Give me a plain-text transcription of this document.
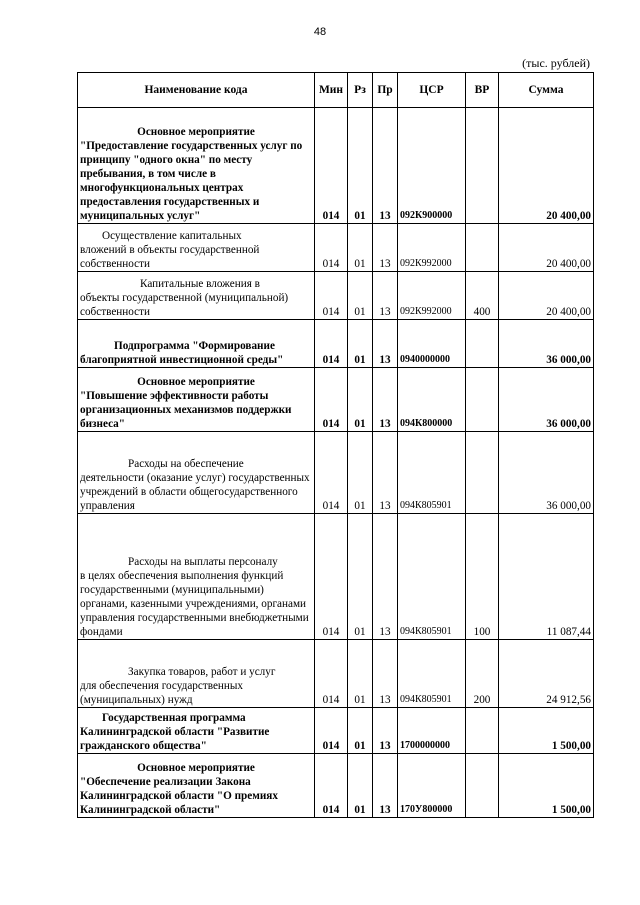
48
(тыс. рублей)
Наименование кода	Мин	Рз	Пр	ЦСР	ВР	Сумма

Основное мероприятие
"Предоставление государственных услуг по принципу "одного окна" по месту пребывания, в том числе в многофункциональных центрах предоставления государственных и муниципальных услуг"	014	01	13	092К900000		20 400,00

Осуществление капитальных
вложений в объекты государственной собственности	014	01	13	092К992000		20 400,00

Капитальные вложения в
объекты государственной (муниципальной) собственности	014	01	13	092К992000	400	20 400,00

Подпрограмма "Формирование
благоприятной инвестиционной среды"	014	01	13	0940000000		36 000,00

Основное мероприятие
"Повышение эффективности работы организационных механизмов поддержки бизнеса"	014	01	13	094К800000		36 000,00

Расходы на обеспечение
деятельности (оказание услуг) государственных учреждений в области общегосударственного управления	014	01	13	094К805901		36 000,00

Расходы на выплаты персоналу
в целях обеспечения выполнения функций государственными (муниципальными) органами, казенными учреждениями, органами управления государственными внебюджетными фондами	014	01	13	094К805901	100	11 087,44

Закупка товаров, работ и услуг
для обеспечения государственных (муниципальных) нужд	014	01	13	094К805901	200	24 912,56

Государственная программа
Калининградской области "Развитие гражданского общества"	014	01	13	1700000000		1 500,00

Основное мероприятие
"Обеспечение реализации Закона Калининградской области "О премиях Калининградской области"	014	01	13	170У800000		1 500,00
